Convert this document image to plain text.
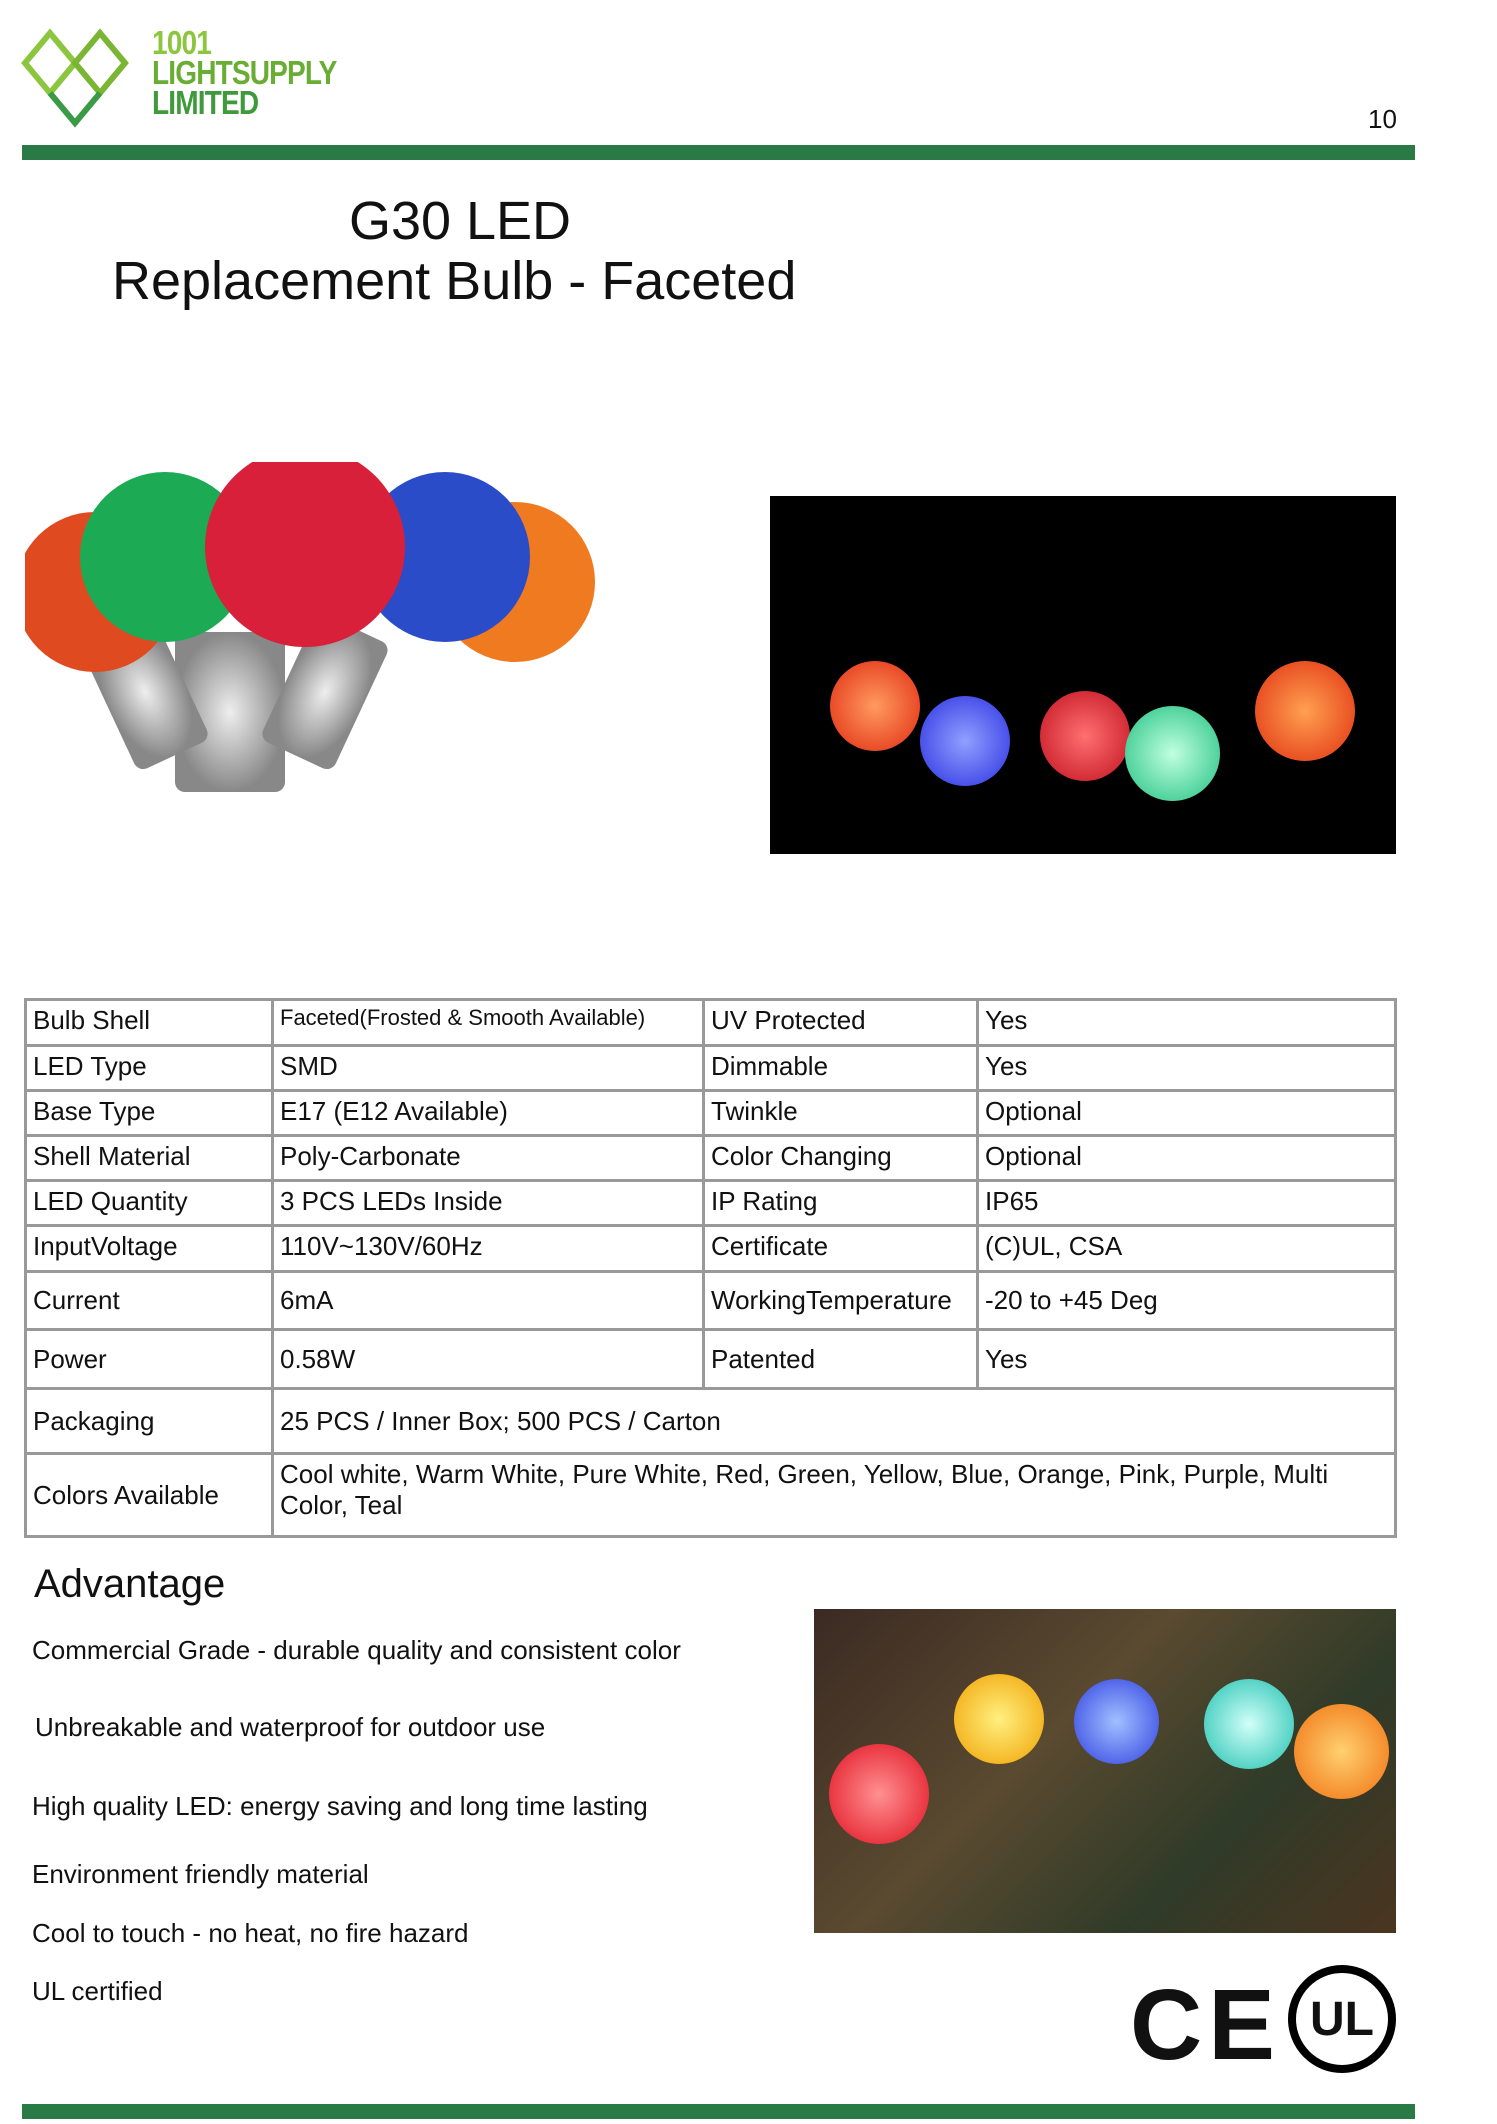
1001
LIGHTSUPPLY
LIMITED	10
G30 LED
Replacement Bulb - Faceted
Bulb Shell	Faceted(Frosted & Smooth Available)	UV Protected	Yes
LED Type	SMD	Dimmable	Yes
Base Type	E17 (E12 Available)	Twinkle	Optional
Shell Material	Poly-Carbonate	Color Changing	Optional
LED Quantity	3 PCS LEDs Inside	IP Rating	IP65
InputVoltage	110V~130V/60Hz	Certificate	(C)UL, CSA
Current	6mA	WorkingTemperature	-20 to +45 Deg
Power	0.58W	Patented	Yes
Packaging	25 PCS / Inner Box; 500 PCS / Carton		
Colors Available	Cool white, Warm White, Pure White, Red, Green, Yellow, Blue, Orange, Pink, Purple, Multi Color, Teal		
Advantage
Commercial Grade - durable quality and consistent color
Unbreakable and waterproof for outdoor use
High quality LED: energy saving and long time lasting
Environment friendly material
Cool to touch - no heat, no fire hazard
UL certified	CE UL
